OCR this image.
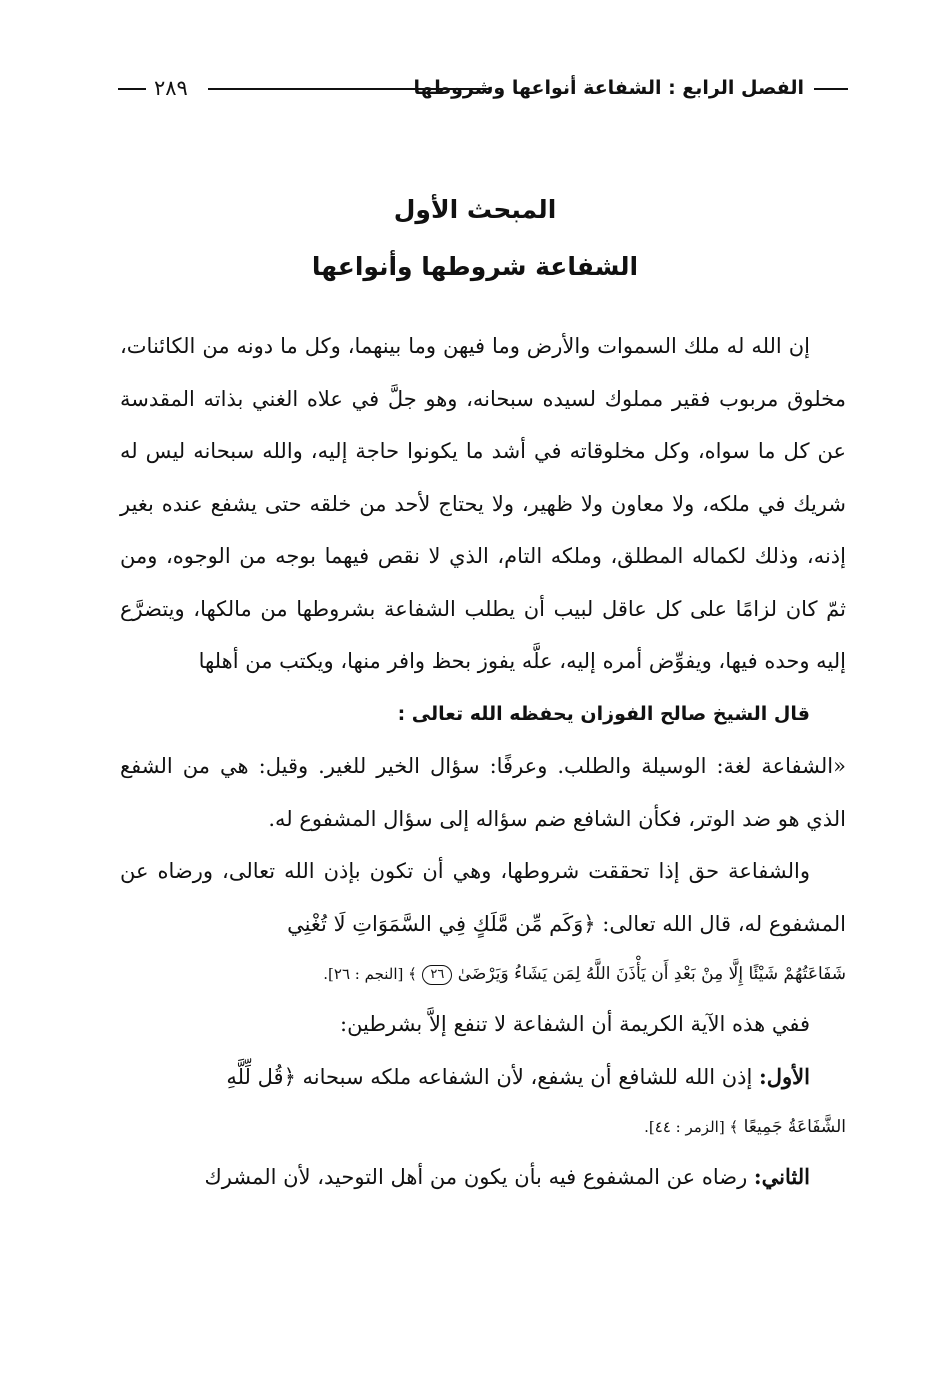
الفصل الرابع : الشفاعة أنواعها وشروطها
٢٨٩
المبحث الأول
الشفاعة شروطها وأنواعها

إن الله له ملك السموات والأرض وما فيهن وما بينهما، وكل ما دونه من الكائنات، مخلوق مربوب فقير مملوك لسيده سبحانه، وهو جلَّ في علاه الغني بذاته المقدسة عن كل ما سواه، وكل مخلوقاته في أشد ما يكونوا حاجة إليه، والله سبحانه ليس له شريك في ملكه، ولا معاون ولا ظهير، ولا يحتاج لأحد من خلقه حتى يشفع عنده بغير إذنه، وذلك لكماله المطلق، وملكه التام، الذي لا نقص فيهما بوجه من الوجوه، ومن ثمّ كان لزامًا على كل عاقل لبيب أن يطلب الشفاعة بشروطها من مالكها، ويتضرَّع إليه وحده فيها، ويفوِّض أمره إليه، علَّه يفوز بحظ وافر منها، ويكتب من أهلها

قال الشيخ صالح الفوزان يحفظه الله تعالى :

«الشفاعة لغة: الوسيلة والطلب. وعرفًا: سؤال الخير للغير. وقيل: هي من الشفع الذي هو ضد الوتر، فكأن الشافع ضم سؤاله إلى سؤال المشفوع له.

والشفاعة حق إذا تحققت شروطها، وهي أن تكون بإذن الله تعالى، ورضاه عن المشفوع له، قال الله تعالى: ﴿وَكَم مِّن مَّلَكٍ فِي السَّمَوَاتِ لَا تُغْنِي

شَفَاعَتُهُمْ شَيْئًا إِلَّا مِنْ بَعْدِ أَن يَأْذَنَ اللَّهُ لِمَن يَشَاءُ وَيَرْضَىٰ ٢٦ ﴾ [النجم : ٢٦].

ففي هذه الآية الكريمة أن الشفاعة لا تنفع إلاَّ بشرطين:

الأول: إذن الله للشافع أن يشفع، لأن الشفاعه ملكه سبحانه ﴿قُل لِّلَّهِ

الشَّفَاعَةُ جَمِيعًا ﴾ [الزمر : ٤٤].

الثاني: رضاه عن المشفوع فيه بأن يكون من أهل التوحيد، لأن المشرك
